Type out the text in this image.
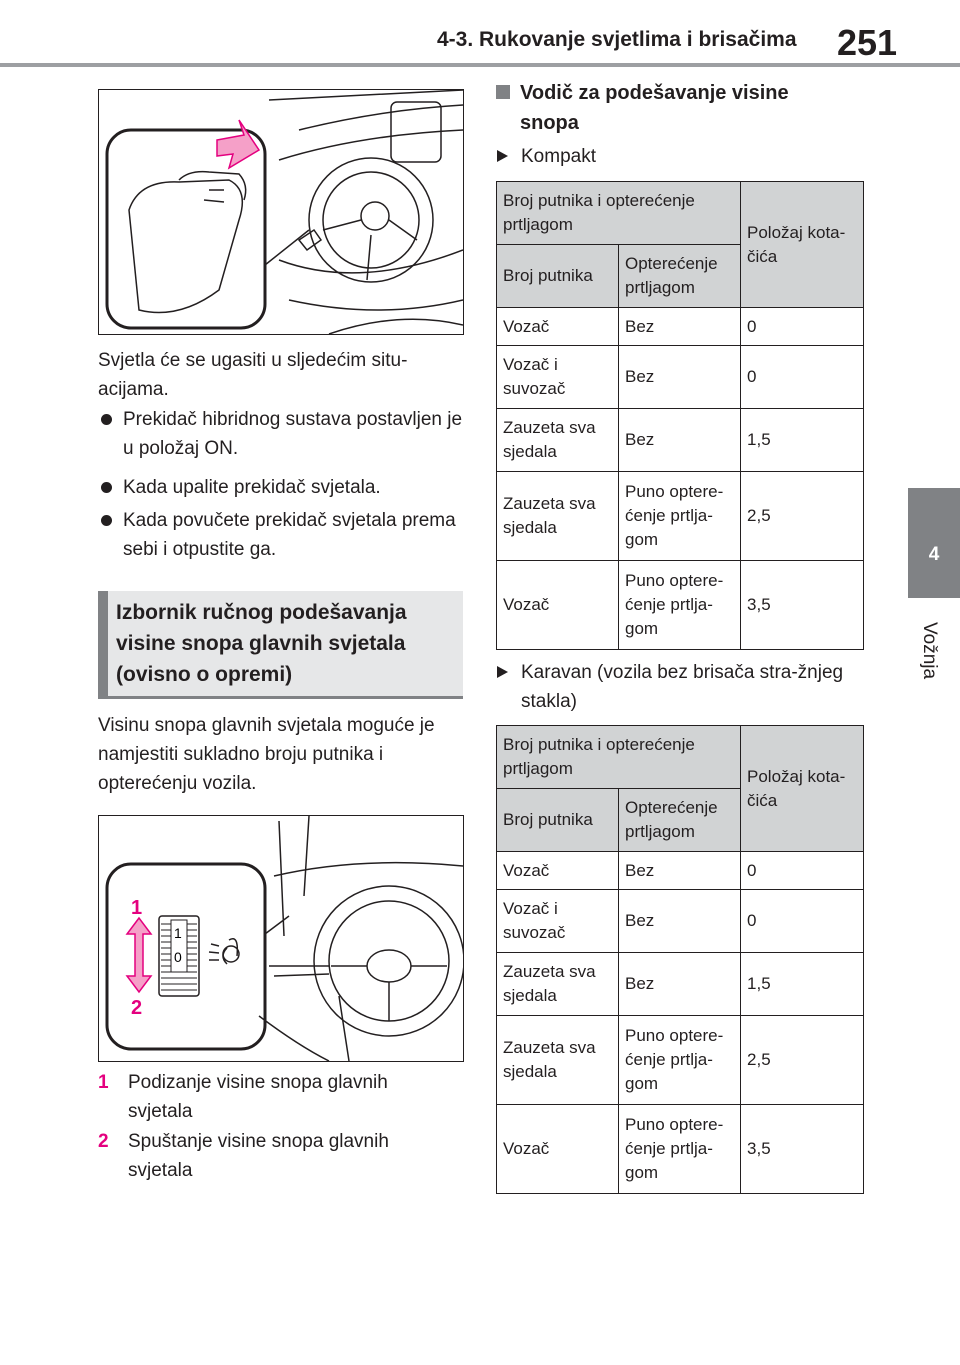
4-3. Rukovanje svjetlima i brisačima 251
4
Vožnja
Svjetla će se ugasiti u sljedećim situ-acijama.
Prekidač hibridnog sustava postavljen je u položaj ON.
Kada upalite prekidač svjetala.
Kada povučete prekidač svjetala prema sebi i otpustite ga.
Izbornik ručnog podešavanja visine snopa glavnih svjetala (ovisno o opremi)
Visinu snopa glavnih svjetala moguće je namjestiti sukladno broju putnika i opterećenju vozila.
1
0
1
2
1 Podizanje visine snopa glavnih svjetala
2 Spuštanje visine snopa glavnih svjetala
Vodič za podešavanje visine snopa
Kompakt
Broj putnika i opterećenje prtljagom		Položaj kota-čića
Broj putnika	Opterećenje prtljagom	
Vozač	Bez	0
Vozač i suvozač	Bez	0
Zauzeta sva sjedala	Bez	1,5
Zauzeta sva sjedala	Puno optere-ćenje prtlja-gom	2,5
Vozač	Puno optere-ćenje prtlja-gom	3,5
Karavan (vozila bez brisača stra-žnjeg stakla)
Broj putnika i opterećenje prtljagom		Položaj kota-čića
Broj putnika	Opterećenje prtljagom	
Vozač	Bez	0
Vozač i suvozač	Bez	0
Zauzeta sva sjedala	Bez	1,5
Zauzeta sva sjedala	Puno optere-ćenje prtlja-gom	2,5
Vozač	Puno optere-ćenje prtlja-gom	3,5
